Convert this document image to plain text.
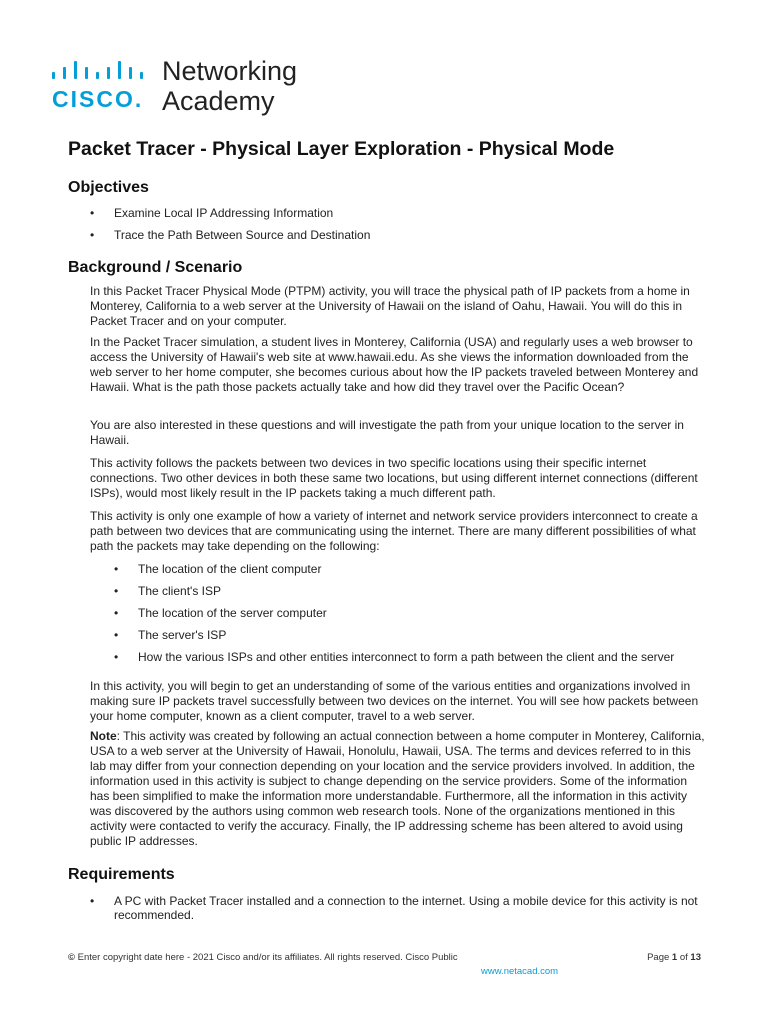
CISCO .
Networking
Academy
Packet Tracer - Physical Layer Exploration - Physical Mode
Objectives
• Examine Local IP Addressing Information
• Trace the Path Between Source and Destination
Background / Scenario

In this Packet Tracer Physical Mode (PTPM) activity, you will trace the physical path of IP packets from a home in Monterey, California to a web server at the University of Hawaii on the island of Oahu, Hawaii. You will do this in Packet Tracer and on your computer.

In the Packet Tracer simulation, a student lives in Monterey, California (USA) and regularly uses a web browser to access the University of Hawaii's web site at www.hawaii.edu. As she views the information downloaded from the web server to her home computer, she becomes curious about how the IP packets traveled between Monterey and Hawaii. What is the path those packets actually take and how did they travel over the Pacific Ocean?

You are also interested in these questions and will investigate the path from your unique location to the server in Hawaii.

This activity follows the packets between two devices in two specific locations using their specific internet connections. Two other devices in both these same two locations, but using different internet connections (different ISPs), would most likely result in the IP packets taking a much different path.

This activity is only one example of how a variety of internet and network service providers interconnect to create a path between two devices that are communicating using the internet. There are many different possibilities of what path the packets may take depending on the following:

• The location of the client computer
• The client's ISP
• The location of the server computer
• The server's ISP
• How the various ISPs and other entities interconnect to form a path between the client and the server

In this activity, you will begin to get an understanding of some of the various entities and organizations involved in making sure IP packets travel successfully between two devices on the internet. You will see how packets between your home computer, known as a client computer, travel to a web server.

Note: This activity was created by following an actual connection between a home computer in Monterey, California, USA to a web server at the University of Hawaii, Honolulu, Hawaii, USA. The terms and devices referred to in this lab may differ from your connection depending on your location and the service providers involved. In addition, the information used in this activity is subject to change depending on the service providers. Some of the information has been simplified to make the information more understandable. Furthermore, all the information in this activity was discovered by the authors using common web research tools. None of the organizations mentioned in this activity were contacted to verify the accuracy. Finally, the IP addressing scheme has been altered to avoid using public IP addresses.

Requirements
• A PC with Packet Tracer installed and a connection to the internet. Using a mobile device for this activity is not recommended.
© Enter copyright date here - 2021 Cisco and/or its affiliates. All rights reserved. Cisco Public	Page 1 of 13
www.netacad.com
